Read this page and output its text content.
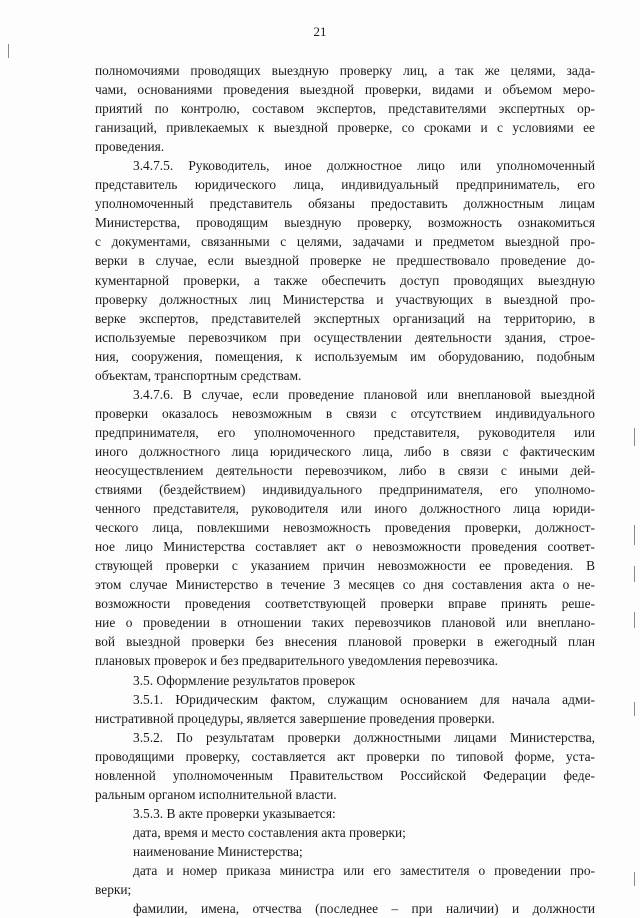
21
полномочиями проводящих выездную проверку лиц, а так же целями, зада-
чами, основаниями проведения выездной проверки, видами и объемом меро-
приятий по контролю, составом экспертов, представителями экспертных ор-
ганизаций, привлекаемых к выездной проверке, со сроками и с условиями ее
проведения.
3.4.7.5. Руководитель, иное должностное лицо или уполномоченный
представитель юридического лица, индивидуальный предприниматель, его
уполномоченный представитель обязаны предоставить должностным лицам
Министерства, проводящим выездную проверку, возможность ознакомиться
с документами, связанными с целями, задачами и предметом выездной про-
верки в случае, если выездной проверке не предшествовало проведение до-
кументарной проверки, а также обеспечить доступ проводящих выездную
проверку должностных лиц Министерства и участвующих в выездной про-
верке экспертов, представителей экспертных организаций на территорию, в
используемые перевозчиком при осуществлении деятельности здания, строе-
ния, сооружения, помещения, к используемым им оборудованию, подобным
объектам, транспортным средствам.
3.4.7.6. В случае, если проведение плановой или внеплановой выездной
проверки оказалось невозможным в связи с отсутствием индивидуального
предпринимателя, его уполномоченного представителя, руководителя или
иного должностного лица юридического лица, либо в связи с фактическим
неосуществлением деятельности перевозчиком, либо в связи с иными дей-
ствиями (бездействием) индивидуального предпринимателя, его уполномо-
ченного представителя, руководителя или иного должностного лица юриди-
ческого лица, повлекшими невозможность проведения проверки, должност-
ное лицо Министерства составляет акт о невозможности проведения соответ-
ствующей проверки с указанием причин невозможности ее проведения. В
этом случае Министерство в течение 3 месяцев со дня составления акта о не-
возможности проведения соответствующей проверки вправе принять реше-
ние о проведении в отношении таких перевозчиков плановой или внеплано-
вой выездной проверки без внесения плановой проверки в ежегодный план
плановых проверок и без предварительного уведомления перевозчика.
3.5. Оформление результатов проверок
3.5.1. Юридическим фактом, служащим основанием для начала адми-
нистративной процедуры, является завершение проведения проверки.
3.5.2. По результатам проверки должностными лицами Министерства,
проводящими проверку, составляется акт проверки по типовой форме, уста-
новленной уполномоченным Правительством Российской Федерации феде-
ральным органом исполнительной власти.
3.5.3. В акте проверки указывается:
дата, время и место составления акта проверки;
наименование Министерства;
дата и номер приказа министра или его заместителя о проведении про-
верки;
фамилии, имена, отчества (последнее – при наличии) и должности
